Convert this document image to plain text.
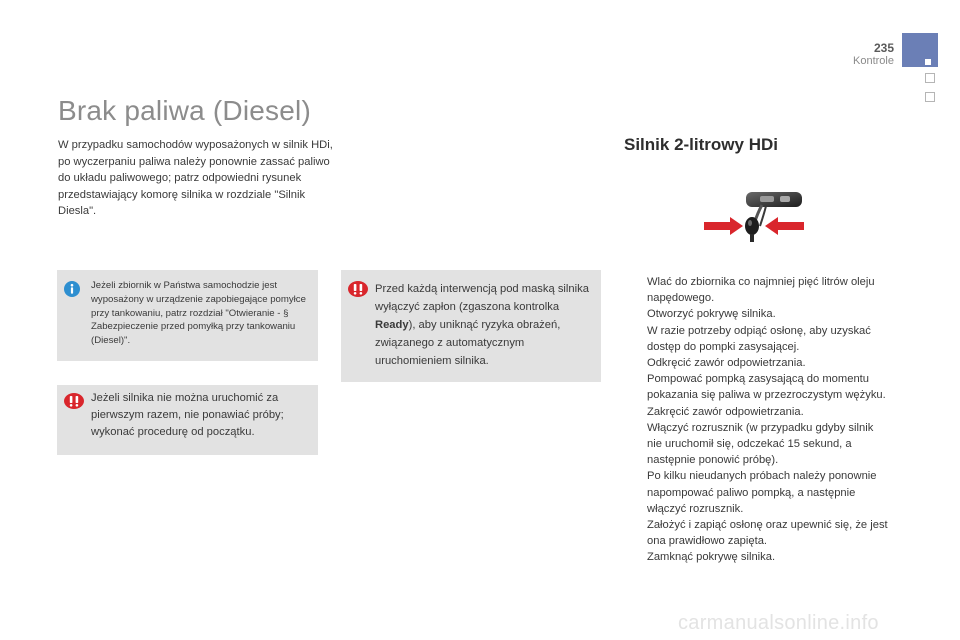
235
Kontrole
Brak paliwa (Diesel)

W przypadku samochodów wyposażonych w silnik HDi, po wyczerpaniu paliwa należy ponownie zassać paliwo do układu paliwowego; patrz odpowiedni rysunek przedstawiający komorę silnika w rozdziale "Silnik Diesla".

Jeżeli zbiornik w Państwa samochodzie jest wyposażony w urządzenie zapobiegające pomyłce przy tankowaniu, patrz rozdział "Otwieranie - § Zabezpieczenie przed pomyłką przy tankowaniu (Diesel)".

Jeżeli silnika nie można uruchomić za pierwszym razem, nie ponawiać próby; wykonać procedurę od początku.

Przed każdą interwencją pod maską silnika wyłączyć zapłon (zgaszona kontrolka Ready), aby uniknąć ryzyka obrażeń, związanego z automatycznym uruchomieniem silnika.

Silnik 2-litrowy HDi
Wlać do zbiornika co najmniej pięć litrów oleju napędowego.
Otworzyć pokrywę silnika.
W razie potrzeby odpiąć osłonę, aby uzyskać dostęp do pompki zasysającej.
Odkręcić zawór odpowietrzania.
Pompować pompką zasysającą do momentu pokazania się paliwa w przezroczystym wężyku.
Zakręcić zawór odpowietrzania.
Włączyć rozrusznik (w przypadku gdyby silnik nie uruchomił się, odczekać 15 sekund, a następnie ponowić próbę).
Po kilku nieudanych próbach należy ponownie napompować paliwo pompką, a następnie włączyć rozrusznik.
Założyć i zapiąć osłonę oraz upewnić się, że jest ona prawidłowo zapięta.
Zamknąć pokrywę silnika.
carmanualsonline.info
